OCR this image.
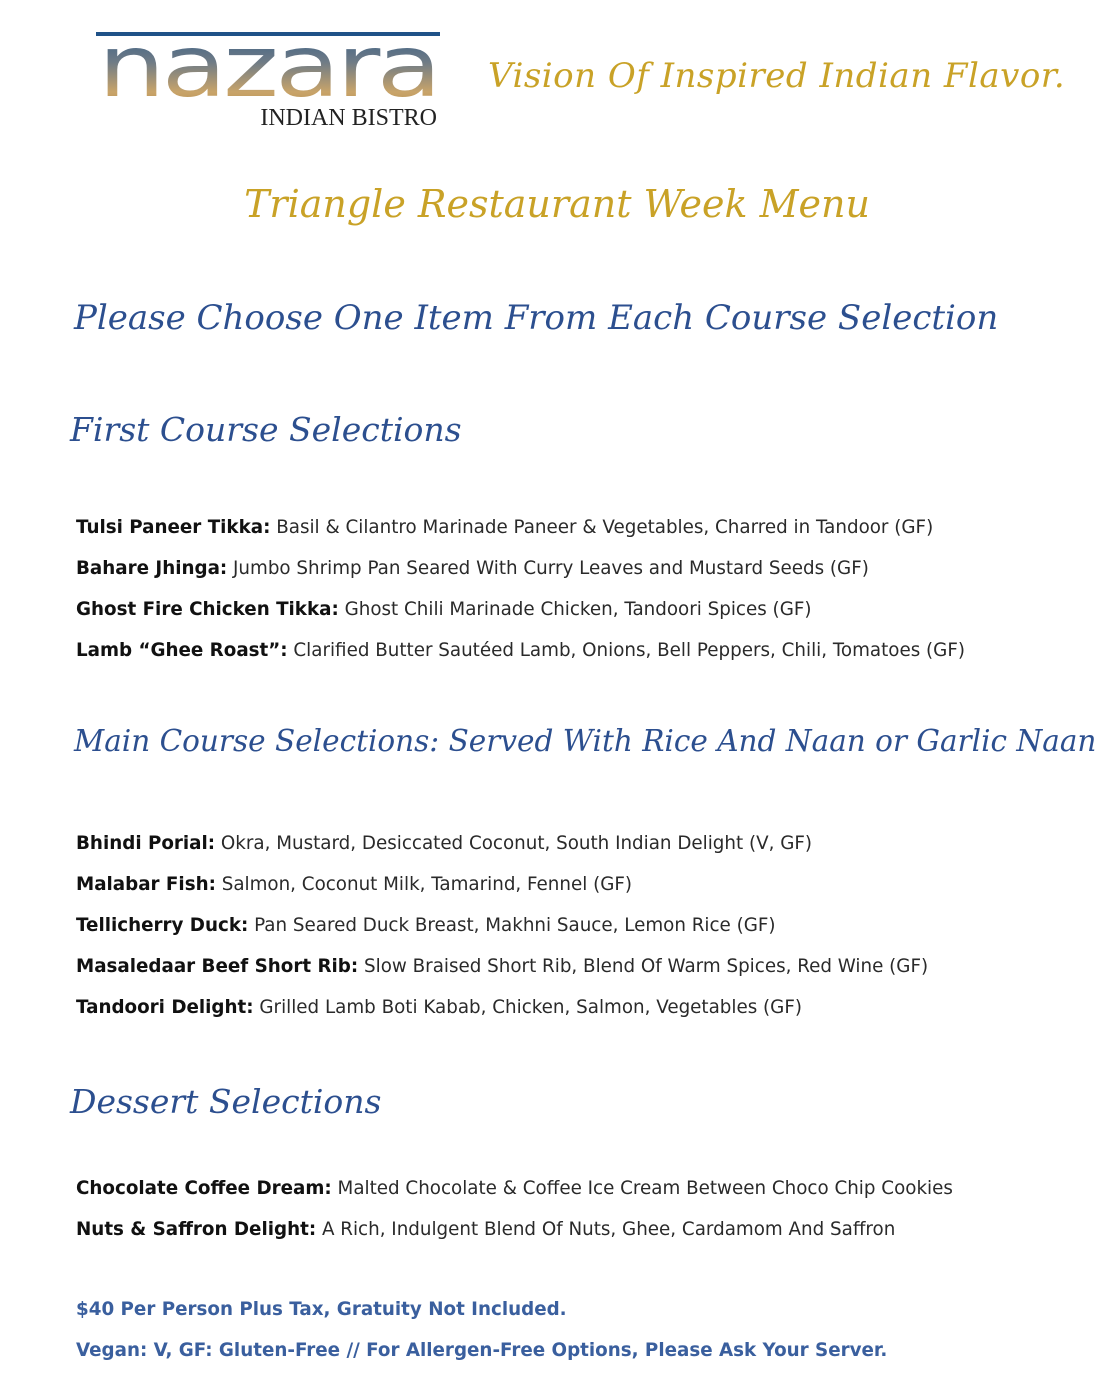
nazara
INDIAN BISTRO
Vision Of Inspired Indian Flavor.
Triangle Restaurant Week Menu
Please Choose One Item From Each Course Selection
First Course Selections
Tulsi Paneer Tikka: Basil & Cilantro Marinade Paneer & Vegetables, Charred in Tandoor (GF)
Bahare Jhinga: Jumbo Shrimp Pan Seared With Curry Leaves and Mustard Seeds (GF)
Ghost Fire Chicken Tikka: Ghost Chili Marinade Chicken, Tandoori Spices (GF)
Lamb “Ghee Roast”: Clarified Butter Sautéed Lamb, Onions, Bell Peppers, Chili, Tomatoes (GF)
Main Course Selections: Served With Rice And Naan or Garlic Naan
Bhindi Porial: Okra, Mustard, Desiccated Coconut, South Indian Delight (V, GF)
Malabar Fish: Salmon, Coconut Milk, Tamarind, Fennel (GF)
Tellicherry Duck: Pan Seared Duck Breast, Makhni Sauce, Lemon Rice (GF)
Masaledaar Beef Short Rib: Slow Braised Short Rib, Blend Of Warm Spices, Red Wine (GF)
Tandoori Delight: Grilled Lamb Boti Kabab, Chicken, Salmon, Vegetables (GF)
Dessert Selections
Chocolate Coffee Dream: Malted Chocolate & Coffee Ice Cream Between Choco Chip Cookies
Nuts & Saffron Delight: A Rich, Indulgent Blend Of Nuts, Ghee, Cardamom And Saffron
$40 Per Person Plus Tax, Gratuity Not Included.
Vegan: V, GF: Gluten-Free // For Allergen-Free Options, Please Ask Your Server.
